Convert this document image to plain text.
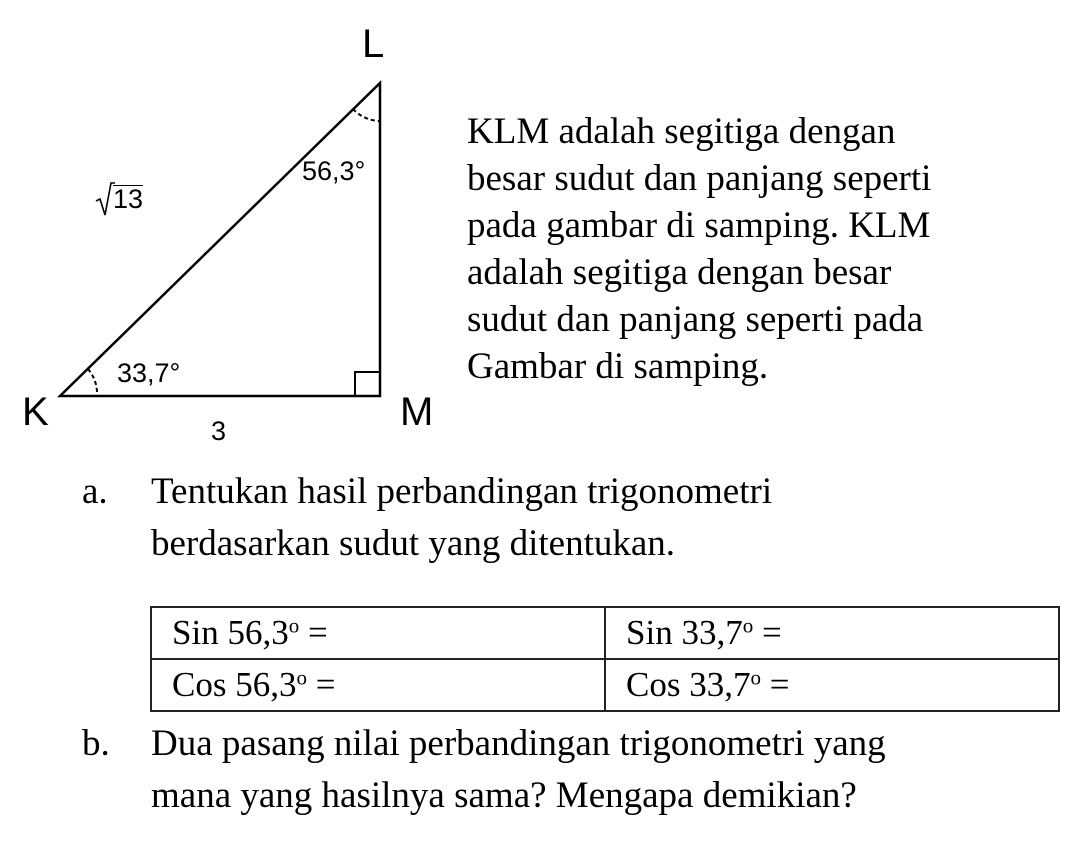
L
K	M
56,3°
33,7°
3
13
KLM adalah segitiga dengan
besar sudut dan panjang seperti
pada gambar di samping. KLM
adalah segitiga dengan besar
sudut dan panjang seperti pada
Gambar di samping.
a. Tentukan hasil perbandingan trigonometri
berdasarkan sudut yang ditentukan.
Sin $56,3^o$ =	Sin $33,7^o$ =
Cos $56,3^o$ =	Cos $33,7^o$ =
b. Dua pasang nilai perbandingan trigonometri yang
mana yang hasilnya sama? Mengapa demikian?
